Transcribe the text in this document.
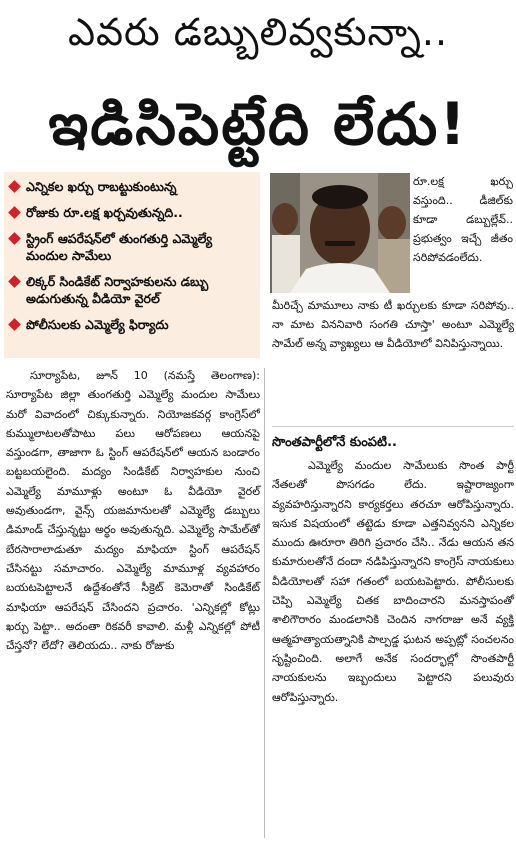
ఎవరు డబ్బులివ్వకున్నా..
ఇడిసిపెట్టేది లేదు!
ఎన్నికల ఖర్చు రాబట్టుకుంటున్న
రోజుకు రూ.లక్ష ఖర్చవుతున్నది..
స్ట్రింగ్ ఆపరేషన్‌లో తుంగతుర్తి ఎమ్మెల్యే మందుల సామేలు
లిక్కర్ సిండికేట్ నిర్వాహకులను డబ్బు అడుగుతున్న వీడియో వైరల్
పోలీసులకు ఎమ్మెల్యే ఫిర్యాదు
రూ.లక్ష ఖర్చు వస్తుంది.. డీజిల్‌కు కూడా డబ్బుల్లేవ్.. ప్రభుత్వం ఇచ్చే జీతం సరిపోవడంలేదు.
మీరిచ్చే మామూలు నాకు టీ ఖర్చులకు కూడా సరిపోవు.. నా మాట విననివారి సంగతి చూస్తా' అంటూ ఎమ్మెల్యే సామేల్ అన్న వ్యాఖ్యలు ఆ వీడియోలో వినిపిస్తున్నాయి.
సొంతపార్టీలోనే కుంపటి..
ఎమ్మెల్యే మందుల సామేలుకు సొంత పార్టీ నేతలతో పొసగడం లేదు. ఇష్టారాజ్యంగా వ్యవహరిస్తున్నారని కార్యకర్తలు తరచూ ఆరోపిస్తున్నారు. ఇసుక విషయంలో తట్టెడు కూడా ఎత్తనివ్వనని ఎన్నికల ముందు ఊరూరా తిరిగి ప్రచారం చేసి.. నేడు ఆయన తన కుమారులతోనే దందా నడిపిస్తున్నారని కాంగ్రెస్ నాయకులు వీడియోలతో సహా గతంలో బయటపెట్టారు. పోలీసులకు చెప్పి ఎమ్మెల్యే చితక బాదించారని మనస్తాపంతో శాలిగౌరారం మండలానికి చెందిన నాగరాజు అనే వ్యక్తి ఆత్మహత్యాయత్నానికి పాల్పడ్డ ఘటన అప్పట్లో సంచలనం సృష్టించింది. అలాగే అనేక సందర్భాల్లో సొంతపార్టీ నాయకులను ఇబ్బందులు పెట్టారని పలువురు ఆరోపిస్తున్నారు.
సూర్యాపేట, జూన్ 10 (నమస్తే తెలంగాణ): సూర్యాపేట జిల్లా తుంగతుర్తి ఎమ్మెల్యే మందుల సామేలు మరో వివాదంలో చిక్కుకున్నారు. నియోజకవర్గ కాంగ్రెస్‌లో కుమ్ములాటలతోపాటు పలు ఆరోపణలు ఆయనపై వస్తుండగా, తాజాగా ఓ స్టింగ్ ఆపరేషన్‌లో ఆయన బండారం బట్టబయలైంది. మద్యం సిండికేట్ నిర్వాహకుల నుంచి ఎమ్మెల్యే మామూళ్లు అంటూ ఓ వీడియో వైరల్ అవుతుండగా, వైన్స్ యజమానులతో ఎమ్మెల్యే డబ్బులు డిమాండ్ చేస్తున్నట్టు అర్థం అవుతున్నది. ఎమ్మెల్యే సామేల్‌తో బేరసారాలాడుతూ మద్యం మాఫియా స్టింగ్ ఆపరేషన్ చేసినట్టు సమాచారం. ఎమ్మెల్యే మామూళ్ల వ్యవహారం బయటపెట్టాలనే ఉద్దేశంతోనే సీక్రెట్ కెమెరాతో సిండికేట్ మాఫియా ఆపరేషన్ చేసిందని ప్రచారం. 'ఎన్నికల్లో కోట్లు ఖర్చు పెట్టా.. అదంతా రికవరీ కావాలి. మళ్లీ ఎన్నికల్లో పోటీ చేస్తనో? లేదో? తెలియదు.. నాకు రోజుకు
